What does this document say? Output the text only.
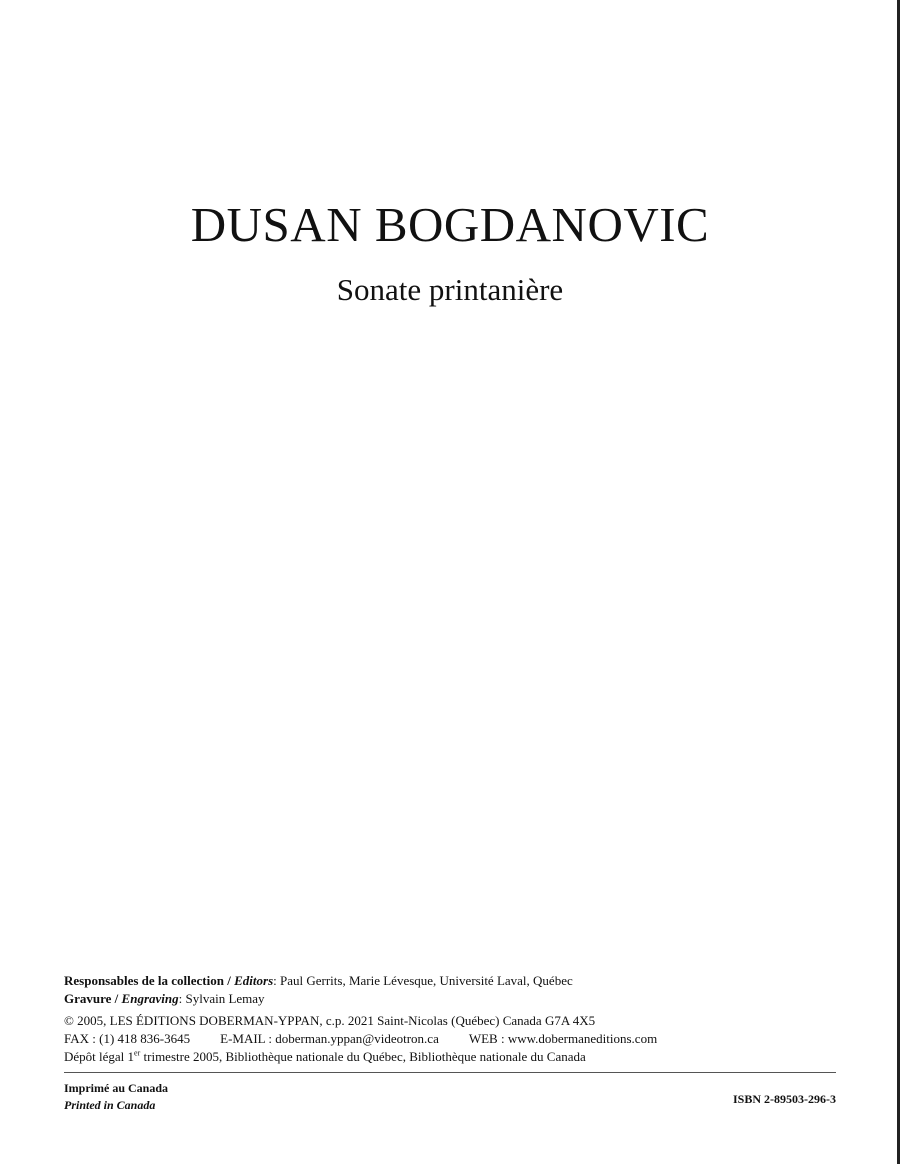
DUSAN BOGDANOVIC
Sonate printanière
Responsables de la collection / Editors: Paul Gerrits, Marie Lévesque, Université Laval, Québec
Gravure / Engraving: Sylvain Lemay
© 2005, LES ÉDITIONS DOBERMAN-YPPAN, c.p. 2021 Saint-Nicolas (Québec) Canada G7A 4X5
FAX : (1) 418 836-3645 E-MAIL : doberman.yppan@videotron.ca WEB : www.dobermaneditions.com
Dépôt légal 1er trimestre 2005, Bibliothèque nationale du Québec, Bibliothèque nationale du Canada
Imprimé au Canada
Printed in Canada	ISBN 2-89503-296-3
